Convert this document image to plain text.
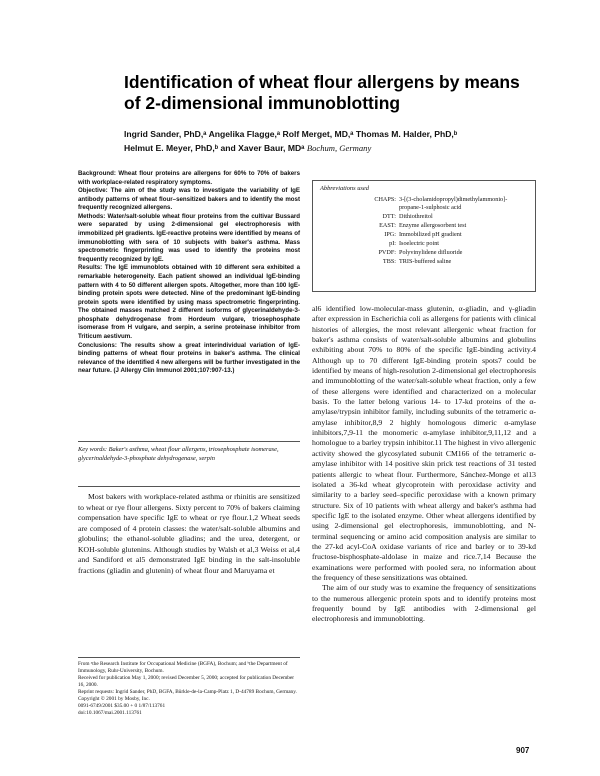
Identification of wheat flour allergens by means of 2-dimensional immunoblotting
Ingrid Sander, PhD,ᵃ Angelika Flagge,ᵃ Rolf Merget, MD,ᵃ Thomas M. Halder, PhD,ᵇ
Helmut E. Meyer, PhD,ᵇ and Xaver Baur, MDᵃ Bochum, Germany

Background: Wheat flour proteins are allergens for 60% to 70% of bakers with workplace-related respiratory symptoms.

Objective: The aim of the study was to investigate the variability of IgE antibody patterns of wheat flour–sensitized bakers and to identify the most frequently recognized allergens.

Methods: Water/salt-soluble wheat flour proteins from the cultivar Bussard were separated by using 2-dimensional gel electrophoresis with immobilized pH gradients. IgE-reactive proteins were identified by means of immunoblotting with sera of 10 subjects with baker's asthma. Mass spectrometric fingerprinting was used to identify the proteins most frequently recognized by IgE.

Results: The IgE immunoblots obtained with 10 different sera exhibited a remarkable heterogeneity. Each patient showed an individual IgE-binding pattern with 4 to 50 different allergen spots. Altogether, more than 100 IgE-binding protein spots were detected. Nine of the predominant IgE-binding protein spots were identified by using mass spectrometric fingerprinting. The obtained masses matched 2 different isoforms of glycerinaldehyde-3-phosphate dehydrogenase from Hordeum vulgare, triosephosphate isomerase from H vulgare, and serpin, a serine proteinase inhibitor from Triticum aestivum.

Conclusions: The results show a great interindividual variation of IgE-binding patterns of wheat flour proteins in baker's asthma. The clinical relevance of the identified 4 new allergens will be further investigated in the near future. (J Allergy Clin Immunol 2001;107:907-13.)

Key words: Baker's asthma, wheat flour allergens, triosephosphate isomerase, glycerinaldehyde-3-phosphate dehydrogenase, serpin

Most bakers with workplace-related asthma or rhinitis are sensitized to wheat or rye flour allergens. Sixty percent to 70% of bakers claiming compensation have specific IgE to wheat or rye flour.1,2 Wheat seeds are composed of 4 protein classes: the water/salt-soluble albumins and globulins; the ethanol-soluble gliadins; and the urea, detergent, or KOH-soluble glutenins. Although studies by Walsh et al,3 Weiss et al,4 and Sandiford et al5 demonstrated IgE binding in the salt-insoluble fractions (gliadin and glutenin) of wheat flour and Maruyama et

Abbreviations used
CHAPS: 3-[(3-cholamidopropyl)dimethylammonio]-propane-1-sulphosic acid
DTT: Dithiothreitol
EAST: Enzyme allergosorbent test
IPG: Immobilized pH gradient
pI: Isoelectric point
PVDF: Polyvinylidene difluoride
TBS: TRIS-buffered saline

al6 identified low-molecular-mass glutenin, α-gliadin, and γ-gliadin after expression in Escherichia coli as allergens for patients with clinical histories of allergies, the most relevant allergenic wheat fraction for baker's asthma consists of water/salt-soluble albumins and globulins exhibiting about 70% to 80% of the specific IgE-binding activity.4 Although up to 70 different IgE-binding protein spots7 could be identified by means of high-resolution 2-dimensional gel electrophoresis and immunoblotting of the water/salt-soluble wheat fraction, only a few of these allergens were identified and characterized on a molecular basis. To the latter belong various 14- to 17-kd proteins of the α-amylase/trypsin inhibitor family, including subunits of the tetrameric α-amylase inhibitor,8,9 2 highly homologous dimeric α-amylase inhibitors,7,9-11 the monomeric α-amylase inhibitor,9,11,12 and a homologue to a barley trypsin inhibitor.11 The highest in vivo allergenic activity showed the glycosylated subunit CM166 of the tetrameric α-amylase inhibitor with 14 positive skin prick test reactions of 31 tested patients allergic to wheat flour. Furthermore, Sánchez-Monge et al13 isolated a 36-kd wheat glycoprotein with peroxidase activity and similarity to a barley seed–specific peroxidase with a known primary structure. Six of 10 patients with wheat allergy and baker's asthma had specific IgE to the isolated enzyme. Other wheat allergens identified by using 2-dimensional gel electrophoresis, immunoblotting, and N-terminal sequencing or amino acid composition analysis are similar to the 27-kd acyl-CoA oxidase variants of rice and barley or to 39-kd fructose-bisphosphate-aldolase in maize and rice.7,14 Because the examinations were performed with pooled sera, no information about the frequency of these sensitizations was obtained.

The aim of our study was to examine the frequency of sensitizations to the numerous allergenic protein spots and to identify proteins most frequently bound by IgE antibodies with 2-dimensional gel electrophoresis and immunoblotting.

From ᵃthe Research Institute for Occupational Medicine (BGFA), Bochum; and ᵇthe Department of Immunology, Ruhr-University, Bochum.
Received for publication May 1, 2000; revised December 5, 2000; accepted for publication December 16, 2000.
Reprint requests: Ingrid Sander, PhD, BGFA, Bürkle-de-la-Camp-Platz 1, D-44789 Bochum, Germany.
Copyright © 2001 by Mosby, Inc.
0091-6749/2001 $35.00 + 0 1/87/113761
doi:10.1067/mai.2001.113761
907
